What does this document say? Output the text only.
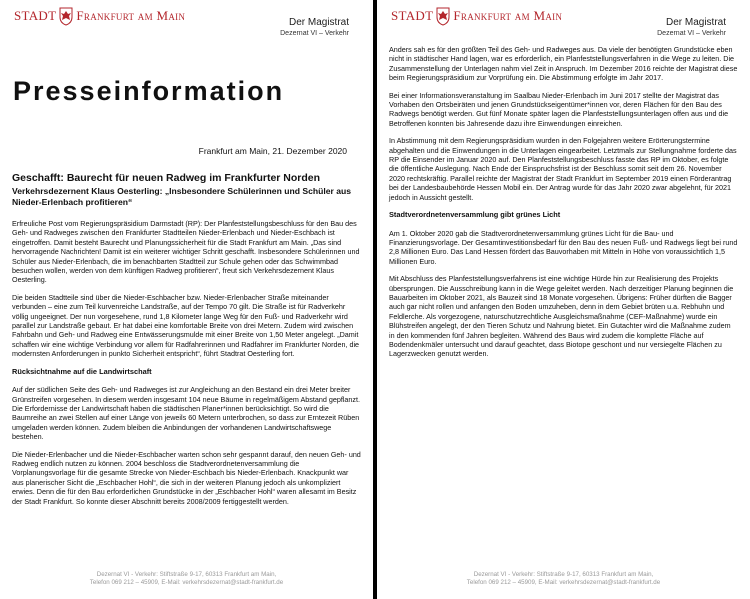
STADT Frankfurt am Main	Der Magistrat
Dezernat VI – Verkehr
Presseinformation
Frankfurt am Main, 21. Dezember 2020
Geschafft: Baurecht für neuen Radweg im Frankfurter Norden
Verkehrsdezernent Klaus Oesterling: „Insbesondere Schülerinnen und Schüler aus Nieder-Erlenbach profitieren“

Erfreuliche Post vom Regierungspräsidium Darmstadt (RP): Der Planfeststellungsbeschluss für den Bau des Geh- und Radweges zwischen den Frankfurter Stadtteilen Nieder-Erlenbach und Nieder-Eschbach ist eingetroffen. Damit besteht Baurecht und Planungssicherheit für die Stadt Frankfurt am Main. „Das sind hervorragende Nachrichten! Damit ist ein weiterer wichtiger Schritt geschafft. Insbesondere Schülerinnen und Schüler aus Nieder-Erlenbach, die im benachbarten Stadtteil zur Schule gehen oder das Schwimmbad besuchen wollen, werden von dem künftigen Radweg profitieren“, freut sich Verkehrsdezernent Klaus Oesterling.

Die beiden Stadtteile sind über die Nieder-Eschbacher bzw. Nieder-Erlenbacher Straße miteinander verbunden – eine zum Teil kurvenreiche Landstraße, auf der Tempo 70 gilt. Die Straße ist für Radverkehr völlig ungeeignet. Der nun vorgesehene, rund 1,8 Kilometer lange Weg für den Fuß- und Radverkehr wird parallel zur Landstraße gebaut. Er hat dabei eine komfortable Breite von drei Metern. Zudem wird zwischen Fahrbahn und Geh- und Radweg eine Entwässerungsmulde mit einer Breite von 1,50 Meter angelegt. „Damit schaffen wir eine wichtige Verbindung vor allem für Radfahrerinnen und Radfahrer im Frankfurter Norden, die modernsten Anforderungen in punkto Sicherheit entspricht“, führt Stadtrat Oesterling fort.

Rücksichtnahme auf die Landwirtschaft

Auf der südlichen Seite des Geh- und Radweges ist zur Angleichung an den Bestand ein drei Meter breiter Grünstreifen vorgesehen. In diesem werden insgesamt 104 neue Bäume in regelmäßigem Abstand gepflanzt. Die Erfordernisse der Landwirtschaft haben die städtischen Planer*innen berücksichtigt. So wird die Baumreihe an zwei Stellen auf einer Länge von jeweils 60 Metern unterbrochen, so dass zur Erntezeit Rüben umgeladen werden können. Zudem bleiben die Anbindungen der vorhandenen Landwirtschaftswege bestehen.

Die Nieder-Erlenbacher und die Nieder-Eschbacher warten schon sehr gespannt darauf, den neuen Geh- und Radweg endlich nutzen zu können. 2004 beschloss die Stadtverordnetenversammlung die Vorplanungsvorlage für die gesamte Strecke von Nieder-Eschbach bis Nieder-Erlenbach. Knackpunkt war aus planerischer Sicht die „Eschbacher Hohl“, die sich in der weiteren Planung jedoch als unkompliziert erwies. Denn die für den Bau erforderlichen Grundstücke in der „Eschbacher Hohl“ waren allesamt im Besitz der Stadt Frankfurt. So konnte dieser Abschnitt bereits 2008/2009 fertiggestellt werden.

Dezernat VI - Verkehr: Stiftstraße 9-17, 60313 Frankfurt am Main,
Telefon 069 212 – 45909, E-Mail: verkehrsdezernat@stadt-frankfurt.de
STADT Frankfurt am Main	Der Magistrat
Dezernat VI – Verkehr

Anders sah es für den größten Teil des Geh- und Radweges aus. Da viele der benötigten Grundstücke eben nicht in städtischer Hand lagen, war es erforderlich, ein Planfeststellungsverfahren in die Wege zu leiten. Die Zusammenstellung der Unterlagen nahm viel Zeit in Anspruch. Im Dezember 2016 reichte der Magistrat diese beim Regierungspräsidium zur Vorprüfung ein. Die Abstimmung erfolgte im Jahr 2017.

Bei einer Informationsveranstaltung im Saalbau Nieder-Erlenbach im Juni 2017 stellte der Magistrat das Vorhaben den Ortsbeiräten und jenen Grundstückseigentümer*innen vor, deren Flächen für den Bau des Radwegs benötigt werden. Gut fünf Monate später lagen die Planfeststellungsunterlagen offen aus und die Betroffenen konnten bis Jahresende dazu ihre Einwendungen einreichen.

In Abstimmung mit dem Regierungspräsidium wurden in den Folgejahren weitere Erörterungstermine abgehalten und die Einwendungen in die Unterlagen eingearbeitet. Letztmals zur Stellungnahme forderte das RP die Einsender im Januar 2020 auf. Den Planfeststellungsbeschluss fasste das RP im Oktober, es folgte die öffentliche Auslegung. Nach Ende der Einspruchsfrist ist der Beschluss somit seit dem 26. November 2020 rechtskräftig. Parallel reichte der Magistrat der Stadt Frankfurt im September 2019 einen Förderantrag bei der Landesbaubehörde Hessen Mobil ein. Der Antrag wurde für das Jahr 2020 zwar abgelehnt, für 2021 jedoch in Aussicht gestellt.

Stadtverordnetenversammlung gibt grünes Licht

Am 1. Oktober 2020 gab die Stadtverordnetenversammlung grünes Licht für die Bau- und Finanzierungsvorlage. Der Gesamtinvestitionsbedarf für den Bau des neuen Fuß- und Radwegs liegt bei rund 2,8 Millionen Euro. Das Land Hessen fördert das Bauvorhaben mit Mitteln in Höhe von voraussichtlich 1,5 Millionen Euro.

Mit Abschluss des Planfeststellungsverfahrens ist eine wichtige Hürde hin zur Realisierung des Projekts übersprungen. Die Ausschreibung kann in die Wege geleitet werden. Nach derzeitiger Planung beginnen die Bauarbeiten im Oktober 2021, als Bauzeit sind 18 Monate vorgesehen. Übrigens: Früher dürften die Bagger auch gar nicht rollen und anfangen den Boden umzuheben, denn in dem Gebiet brüten u.a. Rebhuhn und Feldlerche. Als vorgezogene, naturschutzrechtliche Ausgleichsmaßnahme (CEF-Maßnahme) wurde ein Blühstreifen angelegt, der den Tieren Schutz und Nahrung bietet. Ein Gutachter wird die Maßnahme zudem in den kommenden fünf Jahren begleiten. Während des Baus wird zudem die komplette Fläche auf Bodendenkmäler untersucht und darauf geachtet, dass Biotope geschont und nur versiegelte Flächen zu Lagerzwecken genutzt werden.

Dezernat VI - Verkehr: Stiftstraße 9-17, 60313 Frankfurt am Main,
Telefon 069 212 – 45909, E-Mail: verkehrsdezernat@stadt-frankfurt.de
